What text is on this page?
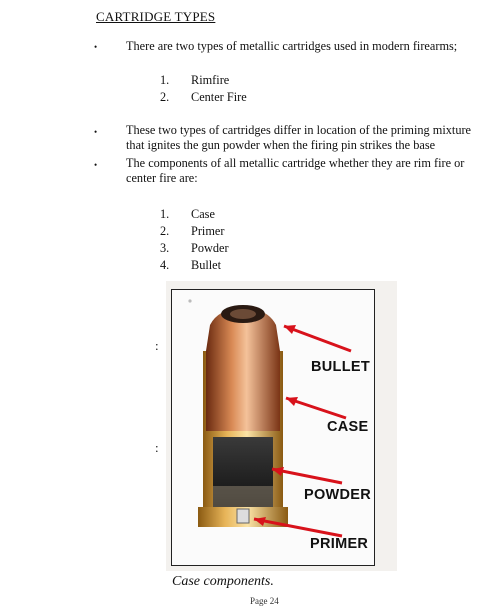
CARTRIDGE TYPES
• There are two types of metallic cartridges used in modern firearms;
1. Rimfire
2. Center Fire
• These two types of cartridges differ in location of the priming mixture that ignites the gun powder when the firing pin strikes the base
• The components of all metallic cartridge whether they are rim fire or center fire are:
1. Case
2. Primer
3. Powder
4. Bullet
:
:
BULLET
CASE
POWDER
PRIMER
Case components.
Page 24
